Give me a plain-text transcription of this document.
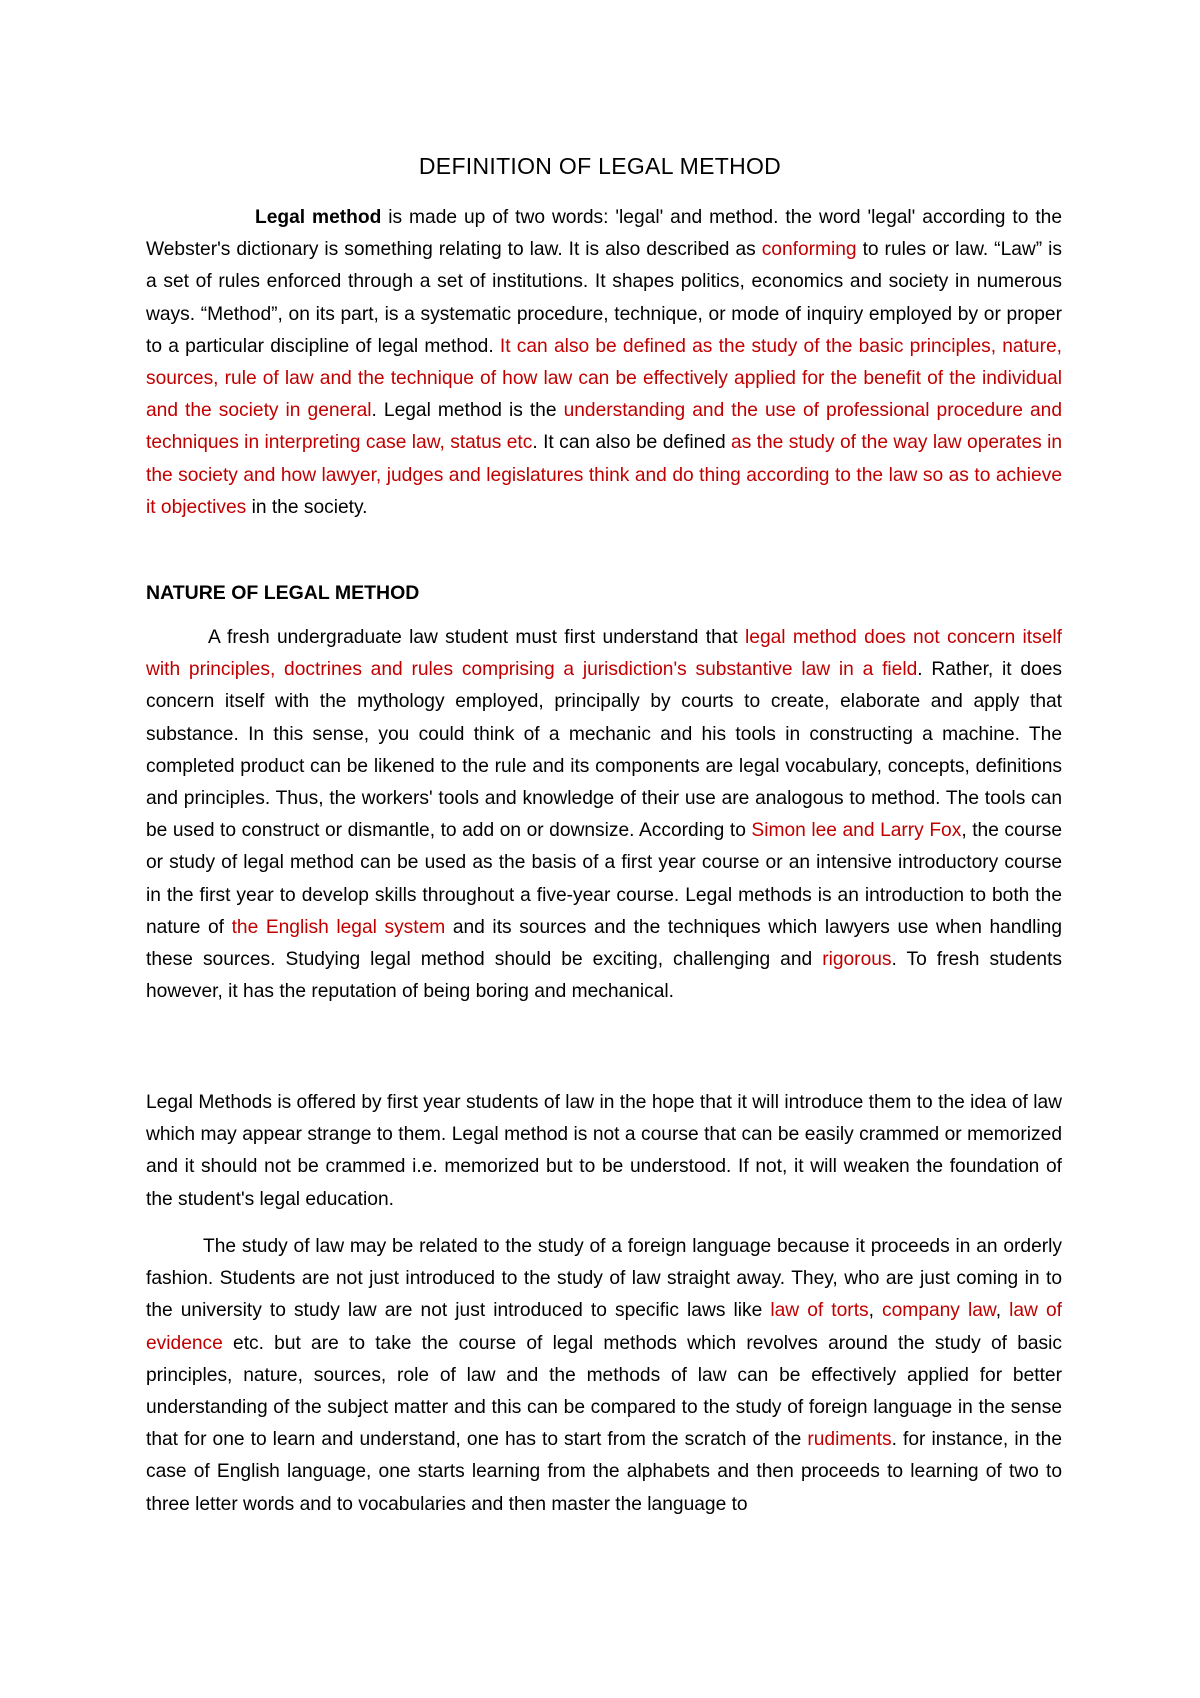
DEFINITION OF LEGAL METHOD

Legal method is made up of two words: 'legal' and method. the word 'legal' according to the Webster's dictionary is something relating to law. It is also described as conforming to rules or law. “Law” is a set of rules enforced through a set of institutions. It shapes politics, economics and society in numerous ways. “Method”, on its part, is a systematic procedure, technique, or mode of inquiry employed by or proper to a particular discipline of legal method. It can also be defined as the study of the basic principles, nature, sources, rule of law and the technique of how law can be effectively applied for the benefit of the individual and the society in general. Legal method is the understanding and the use of professional procedure and techniques in interpreting case law, status etc. It can also be defined as the study of the way law operates in the society and how lawyer, judges and legislatures think and do thing according to the law so as to achieve it objectives in the society.

NATURE OF LEGAL METHOD

A fresh undergraduate law student must first understand that legal method does not concern itself with principles, doctrines and rules comprising a jurisdiction's substantive law in a field. Rather, it does concern itself with the mythology employed, principally by courts to create, elaborate and apply that substance. In this sense, you could think of a mechanic and his tools in constructing a machine. The completed product can be likened to the rule and its components are legal vocabulary, concepts, definitions and principles. Thus, the workers' tools and knowledge of their use are analogous to method. The tools can be used to construct or dismantle, to add on or downsize. According to Simon lee and Larry Fox, the course or study of legal method can be used as the basis of a first year course or an intensive introductory course in the first year to develop skills throughout a five-year course. Legal methods is an introduction to both the nature of the English legal system and its sources and the techniques which lawyers use when handling these sources. Studying legal method should be exciting, challenging and rigorous. To fresh students however, it has the reputation of being boring and mechanical.

Legal Methods is offered by first year students of law in the hope that it will introduce them to the idea of law which may appear strange to them. Legal method is not a course that can be easily crammed or memorized and it should not be crammed i.e. memorized but to be understood. If not, it will weaken the foundation of the student's legal education.

The study of law may be related to the study of a foreign language because it proceeds in an orderly fashion. Students are not just introduced to the study of law straight away. They, who are just coming in to the university to study law are not just introduced to specific laws like law of torts, company law, law of evidence etc. but are to take the course of legal methods which revolves around the study of basic principles, nature, sources, role of law and the methods of law can be effectively applied for better understanding of the subject matter and this can be compared to the study of foreign language in the sense that for one to learn and understand, one has to start from the scratch of the rudiments. for instance, in the case of English language, one starts learning from the alphabets and then proceeds to learning of two to three letter words and to vocabularies and then master the language to
